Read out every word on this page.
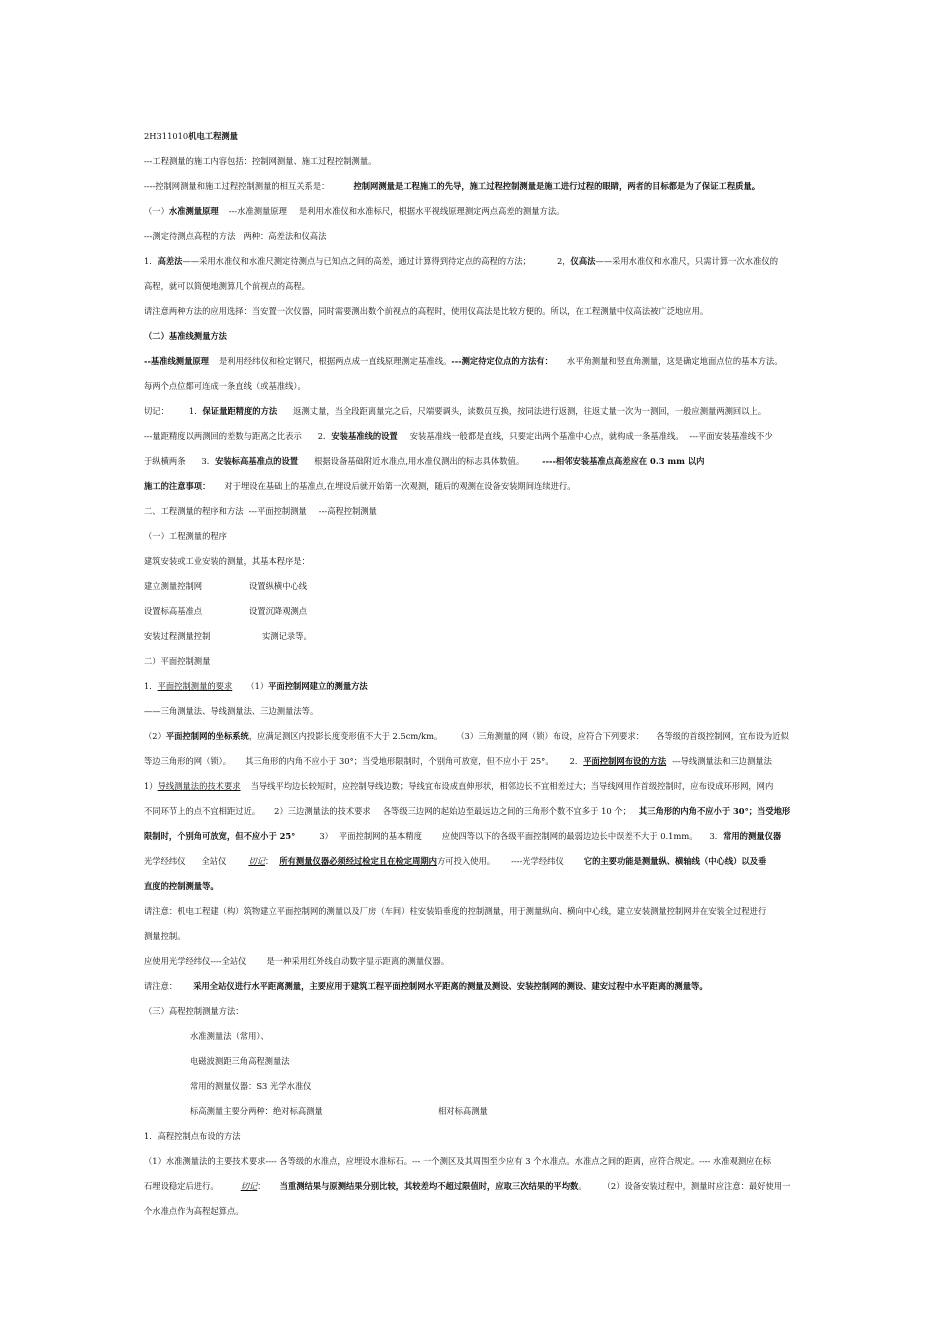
2H311010机电工程测量
---工程测量的施工内容包括：控制网测量、施工过程控制测量。
----控制网测量和施工过程控制测量的相互关系是：	控制网测量是工程施工的先导，施工过程控制测量是施工进行过程的眼睛，两者的目标都是为了保证工程质量。
（一）水准测量原理 ---水准测量原理 是利用水准仪和水准标尺，根据水平视线原理测定两点高差的测量方法。
---测定待测点高程的方法 两种：高差法和仪高法
1．高差法——采用水准仪和水准尺测定待测点与已知点之间的高差，通过计算得到待定点的高程的方法；	2，仪高法——采用水准仪和水准尺，只需计算一次水准仪的
高程，就可以简便地测算几个前视点的高程。
请注意两种方法的应用选择：当安置一次仪器，同时需要测出数个前视点的高程时，使用仪高法是比较方便的。所以，在工程测量中仪高法被广泛地应用。
（二）基准线测量方法
--基准线测量原理 是利用经纬仪和检定钢尺，根据两点成一直线原理测定基准线。---测定待定位点的方法有： 水平角测量和竖直角测量，这是确定地面点位的基本方法。
每两个点位都可连成一条直线（或基准线）。
切记： 1．保证量距精度的方法 返测丈量，当全段距离量完之后，尺端要调头，读数员互换，按同法进行返测，往返丈量一次为一测回，一般应测量两测回以上。
---量距精度以两测回的差数与距离之比表示 2．安装基准线的设置 安装基准线一般都是直线，只要定出两个基准中心点，就构成一条基准线。 ---平面安装基准线不少
于纵横两条 3．安装标高基准点的设置 根据设备基础附近水准点,用水准仪测出的标志具体数值。 ----相邻安装基准点高差应在 0.3 mm 以内
施工的注意事项： 对于埋设在基础上的基准点,在埋设后就开始第一次观测，随后的观测在设备安装期间连续进行。
二、工程测量的程序和方法 ---平面控制测量 ---高程控制测量
（一）工程测量的程序
建筑安装或工业安装的测量，其基本程序是：
建立测量控制网	设置纵横中心线
设置标高基准点	设置沉降观测点
安装过程测量控制	实测记录等。
二）平面控制测量
1．平面控制测量的要求 （1）平面控制网建立的测量方法
——三角测量法、导线测量法、三边测量法等。
（2）平面控制网的坐标系统，应满足测区内投影长度变形值不大于 2.5cm/km。 （3）三角测量的网（锁）布设，应符合下列要求： 各等级的首级控制网，宜布设为近似
等边三角形的网（锁）。 其三角形的内角不应小于 30°；当受地形限制时，个别角可放宽，但不应小于 25°。 2．平面控制网布设的方法 ---导线测量法和三边测量法
1）导线测量法的技术要求 当导线平均边长较短时，应控制导线边数；导线宜布设成直伸形状，相邻边长不宜相差过大；当导线网用作首级控制时，应布设成环形网，网内
不同环节上的点不宜相距过近。 2）三边测量法的技术要求 各等级三边网的起始边至最远边之间的三角形个数不宜多于 10 个； 其三角形的内角不应小于 30°；当受地形
限制时，个别角可放宽，但不应小于 25°	3） 平面控制网的基本精度 应使四等以下的各级平面控制网的最弱边边长中误差不大于 0.1mm。 3．常用的测量仪器
光学经纬仪 全站仪	切记： 所有测量仪器必须经过检定且在检定周期内方可投入使用。 ----光学经纬仪 它的主要功能是测量纵、横轴线（中心线）以及垂
直度的控制测量等。
请注意：机电工程建（构）筑物建立平面控制网的测量以及厂房（车间）柱安装铅垂度的控制测量，用于测量纵向、横向中心线，建立安装测量控制网并在安装全过程进行
测量控制。
应使用光学经纬仪----全站仪 是一种采用红外线自动数字显示距离的测量仪器。
请注意： 采用全站仪进行水平距离测量，主要应用于建筑工程平面控制网水平距离的测量及测设、安装控制网的测设、建安过程中水平距离的测量等。
（三）高程控制测量方法：
水准测量法（常用）、
电磁波测距三角高程测量法
常用的测量仪器：S3 光学水准仪
标高测量主要分两种：绝对标高测量	相对标高测量
1．高程控制点布设的方法
（1）水准测量法的主要技术要求---- 各等级的水准点，应埋设水准标石。--- 一个测区及其周围至少应有 3 个水准点。水准点之间的距离，应符合规定。---- 水准观测应在标
石埋设稳定后进行。	切记： 当重测结果与原测结果分别比较，其较差均不超过限值时，应取三次结果的平均数。 （2）设备安装过程中，测量时应注意：最好使用一
个水准点作为高程起算点。
